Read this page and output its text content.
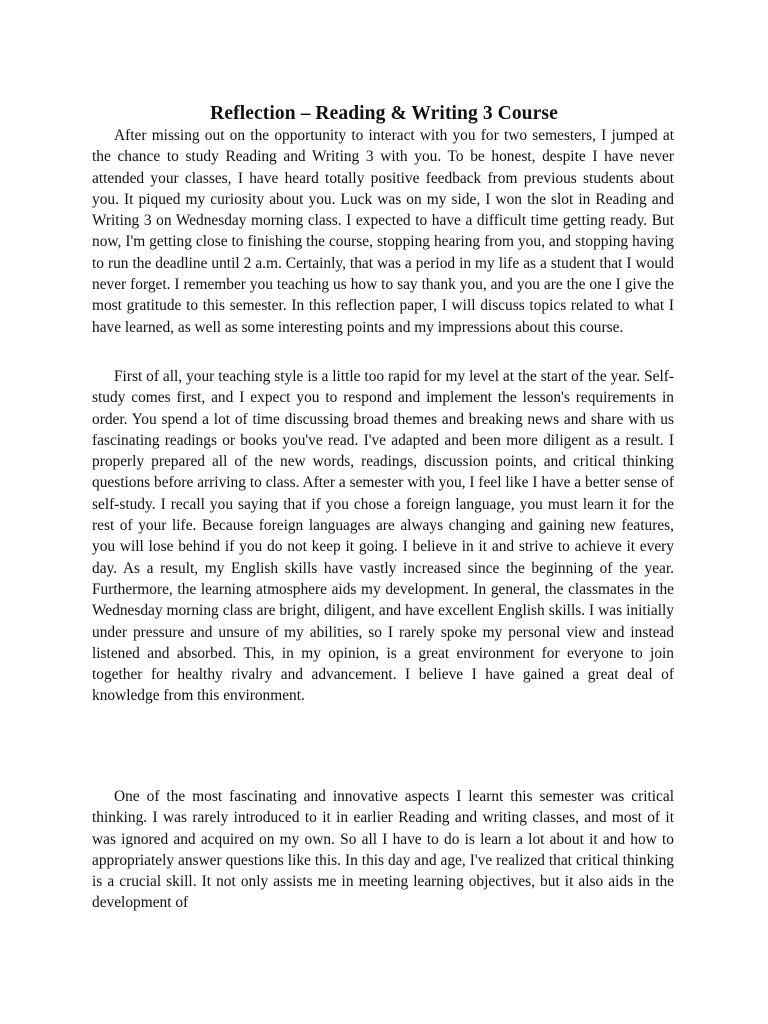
Reflection – Reading & Writing 3 Course

After missing out on the opportunity to interact with you for two semesters, I jumped at the chance to study Reading and Writing 3 with you. To be honest, despite I have never attended your classes, I have heard totally positive feedback from previous students about you. It piqued my curiosity about you. Luck was on my side, I won the slot in Reading and Writing 3 on Wednesday morning class. I expected to have a difficult time getting ready. But now, I'm getting close to finishing the course, stopping hearing from you, and stopping having to run the deadline until 2 a.m. Certainly, that was a period in my life as a student that I would never forget. I remember you teaching us how to say thank you, and you are the one I give the most gratitude to this semester. In this reflection paper, I will discuss topics related to what I have learned, as well as some interesting points and my impressions about this course.

First of all, your teaching style is a little too rapid for my level at the start of the year. Self-study comes first, and I expect you to respond and implement the lesson's requirements in order. You spend a lot of time discussing broad themes and breaking news and share with us fascinating readings or books you've read. I've adapted and been more diligent as a result. I properly prepared all of the new words, readings, discussion points, and critical thinking questions before arriving to class. After a semester with you, I feel like I have a better sense of self-study. I recall you saying that if you chose a foreign language, you must learn it for the rest of your life. Because foreign languages are always changing and gaining new features, you will lose behind if you do not keep it going. I believe in it and strive to achieve it every day. As a result, my English skills have vastly increased since the beginning of the year. Furthermore, the learning atmosphere aids my development. In general, the classmates in the Wednesday morning class are bright, diligent, and have excellent English skills. I was initially under pressure and unsure of my abilities, so I rarely spoke my personal view and instead listened and absorbed. This, in my opinion, is a great environment for everyone to join together for healthy rivalry and advancement. I believe I have gained a great deal of knowledge from this environment.

One of the most fascinating and innovative aspects I learnt this semester was critical thinking. I was rarely introduced to it in earlier Reading and writing classes, and most of it was ignored and acquired on my own. So all I have to do is learn a lot about it and how to appropriately answer questions like this. In this day and age, I've realized that critical thinking is a crucial skill. It not only assists me in meeting learning objectives, but it also aids in the development of
